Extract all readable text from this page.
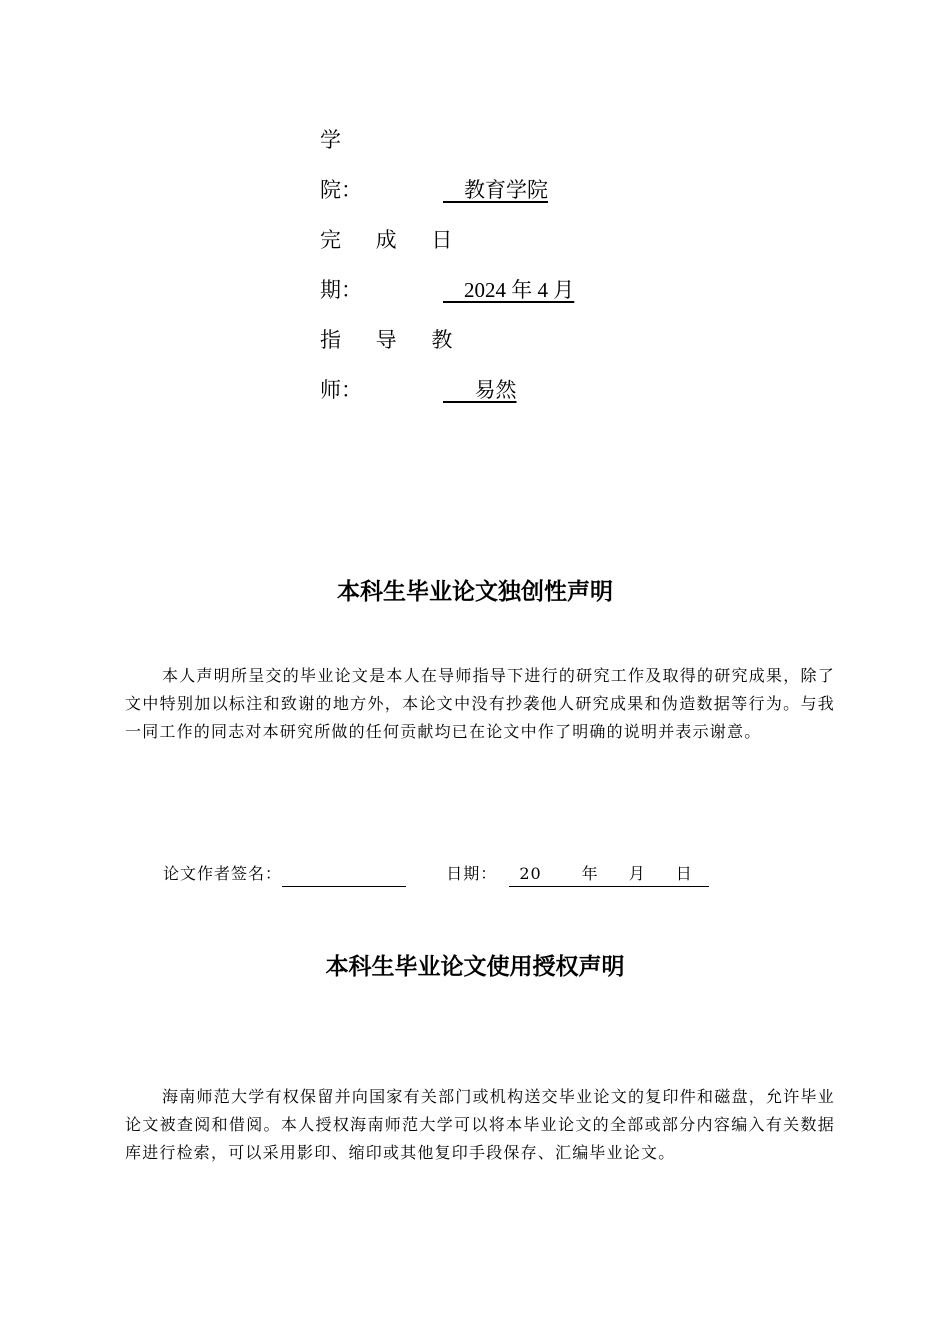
学
院：
 	教育学院
完 成 日
期：
 	2024 年 4 月
指 导 教
师：
  	易然
本科生毕业论文独创性声明
本人声明所呈交的毕业论文是本人在导师指导下进行的研究工作及取得的研究成果，除了文中特别加以标注和致谢的地方外，本论文中没有抄袭他人研究成果和伪造数据等行为。与我一同工作的同志对本研究所做的任何贡献均已在论文中作了明确的说明并表示谢意。
论文作者签名：	日期： 20	年 月 日
本科生毕业论文使用授权声明
海南师范大学有权保留并向国家有关部门或机构送交毕业论文的复印件和磁盘，允许毕业论文被查阅和借阅。本人授权海南师范大学可以将本毕业论文的全部或部分内容编入有关数据库进行检索，可以采用影印、缩印或其他复印手段保存、汇编毕业论文。
